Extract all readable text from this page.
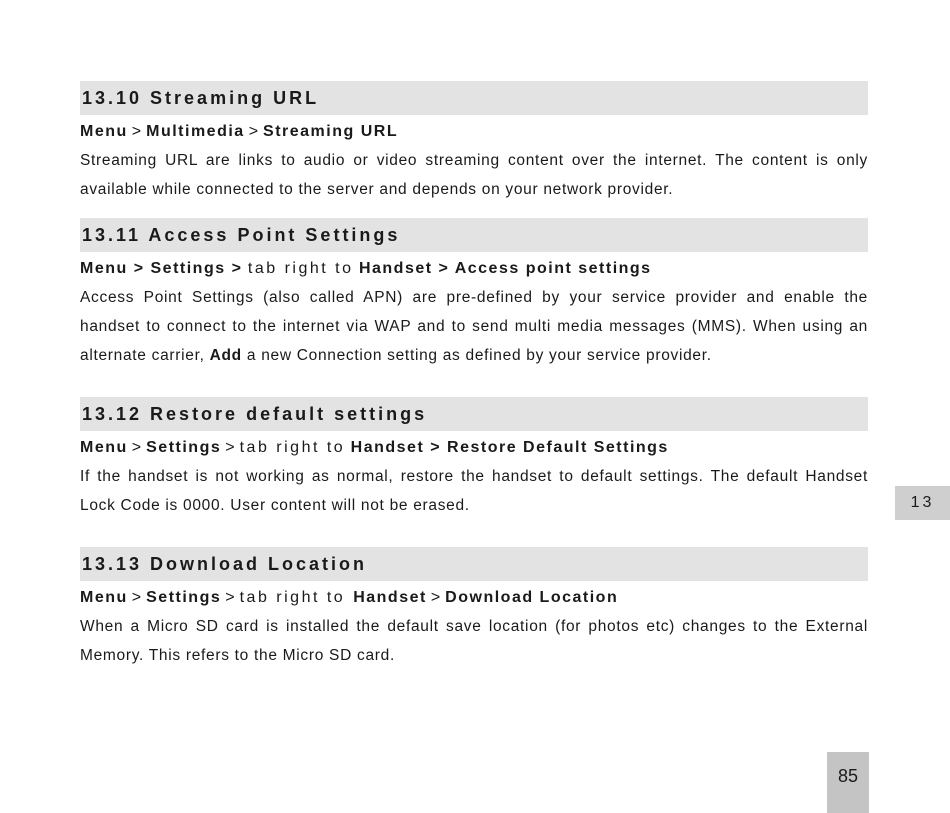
13.10 Streaming URL
Menu > Multimedia > Streaming URL
Streaming URL are links to audio or video streaming content over the internet. The content is only available while connected to the server and depends on your network provider.
13.11 Access Point Settings
Menu > Settings > tab right to Handset > Access point settings
Access Point Settings (also called APN) are pre-defined by your service provider and enable the handset to connect to the internet via WAP and to send multi media messages (MMS). When using an alternate carrier, Add a new Connection setting as defined by your service provider.
13.12 Restore default settings
Menu > Settings > tab right to Handset > Restore Default Settings
If the handset is not working as normal, restore the handset to default settings. The default Handset Lock Code is 0000. User content will not be erased.
13.13 Download Location
Menu > Settings > tab right to Handset > Download Location
When a Micro SD card is installed the default save location (for photos etc) changes to the External Memory. This refers to the Micro SD card.
13
85
